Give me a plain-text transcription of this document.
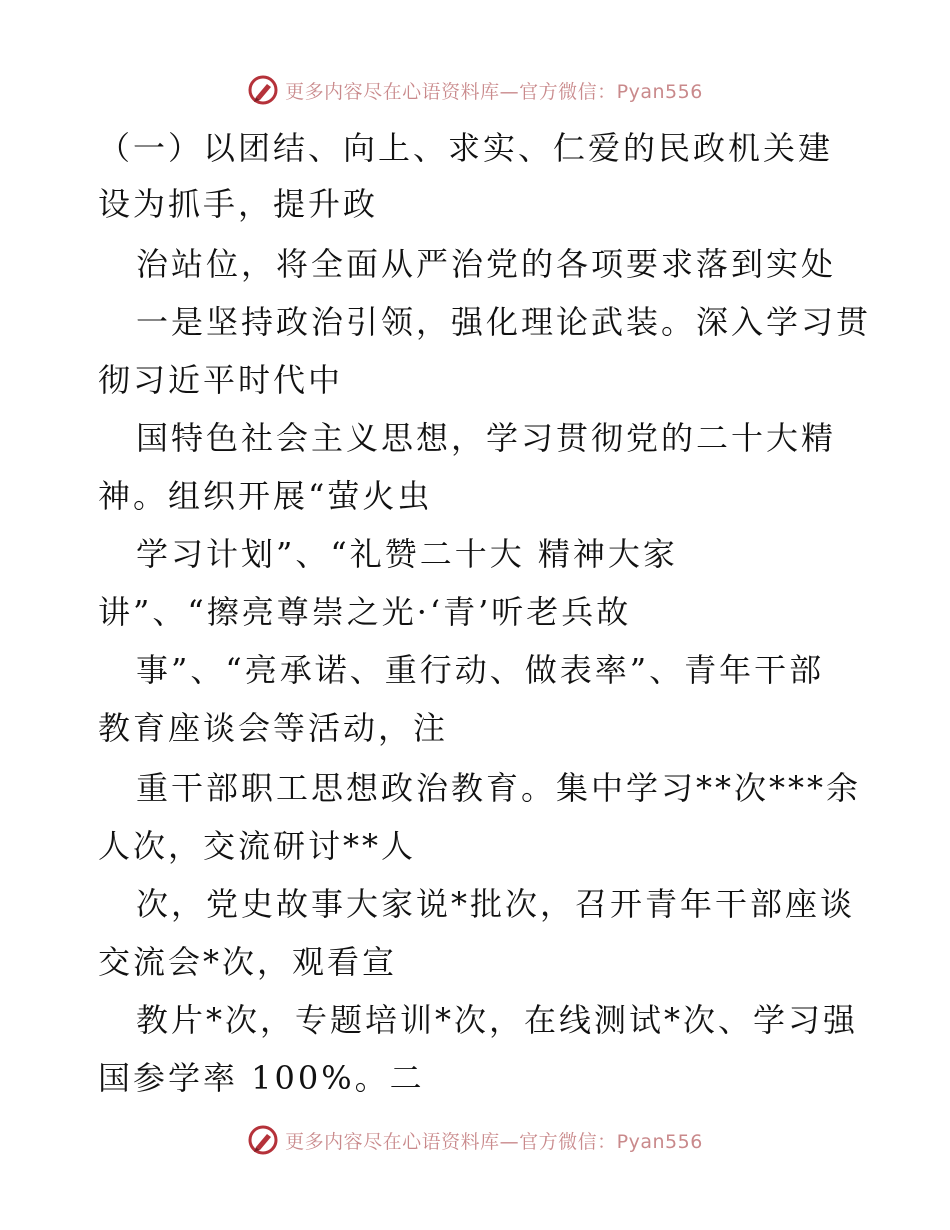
更多内容尽在心语资料库—官方微信：Pyan556
（一）以团结、向上、求实、仁爱的民政机关建
设为抓手，提升政
治站位，将全面从严治党的各项要求落到实处
一是坚持政治引领，强化理论武装。深入学习贯
彻习近平时代中
国特色社会主义思想，学习贯彻党的二十大精
神。组织开展“萤火虫
学习计划”、“礼赞二十大 精神大家
讲”、“擦亮尊崇之光·‘青’听老兵故
事”、“亮承诺、重行动、做表率”、青年干部
教育座谈会等活动，注
重干部职工思想政治教育。集中学习**次***余
人次，交流研讨**人
次，党史故事大家说*批次，召开青年干部座谈
交流会*次，观看宣
教片*次，专题培训*次，在线测试*次、学习强
国参学率 100%。二
更多内容尽在心语资料库—官方微信：Pyan556
